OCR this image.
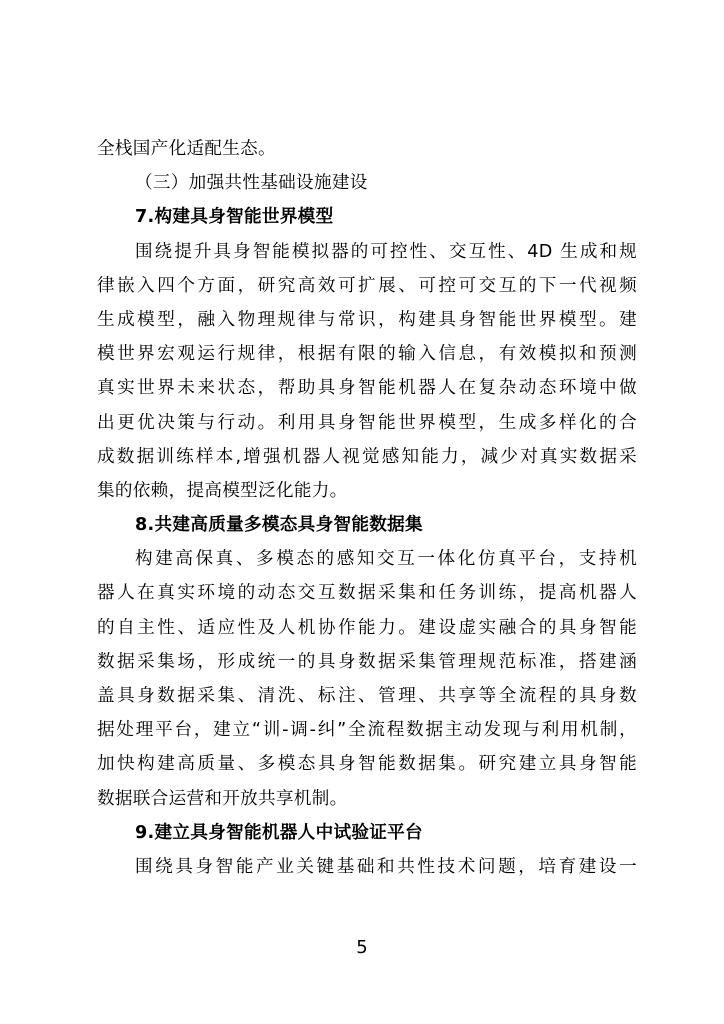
全栈国产化适配生态。
（三）加强共性基础设施建设
7.构建具身智能世界模型
围绕提升具身智能模拟器的可控性、交互性、4D 生成和规
律嵌入四个方面，研究高效可扩展、可控可交互的下一代视频
生成模型，融入物理规律与常识，构建具身智能世界模型。建
模世界宏观运行规律，根据有限的输入信息，有效模拟和预测
真实世界未来状态，帮助具身智能机器人在复杂动态环境中做
出更优决策与行动。利用具身智能世界模型，生成多样化的合
成数据训练样本,增强机器人视觉感知能力，减少对真实数据采
集的依赖，提高模型泛化能力。
8.共建高质量多模态具身智能数据集
构建高保真、多模态的感知交互一体化仿真平台，支持机
器人在真实环境的动态交互数据采集和任务训练，提高机器人
的自主性、适应性及人机协作能力。建设虚实融合的具身智能
数据采集场，形成统一的具身数据采集管理规范标准，搭建涵
盖具身数据采集、清洗、标注、管理、共享等全流程的具身数
据处理平台，建立“训-调-纠”全流程数据主动发现与利用机制，
加快构建高质量、多模态具身智能数据集。研究建立具身智能
数据联合运营和开放共享机制。
9.建立具身智能机器人中试验证平台
围绕具身智能产业关键基础和共性技术问题，培育建设一
5
